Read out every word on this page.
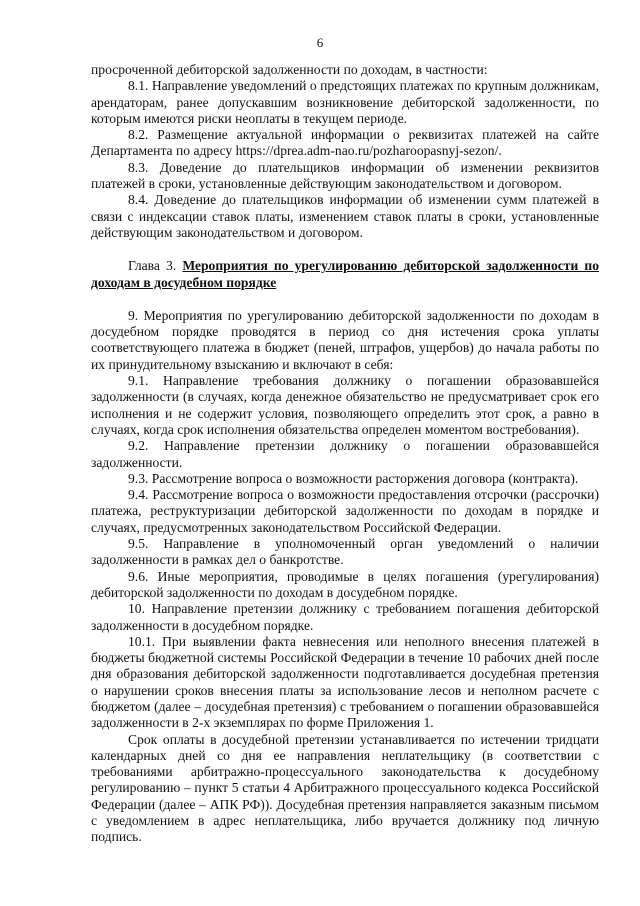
6

просроченной дебиторской задолженности по доходам, в частности:

8.1. Направление уведомлений о предстоящих платежах по крупным должникам, арендаторам, ранее допускавшим возникновение дебиторской задолженности, по которым имеются риски неоплаты в текущем периоде.

8.2. Размещение актуальной информации о реквизитах платежей на сайте Департамента по адресу https://dprea.adm-nao.ru/pozharoopasnyj-sezon/.

8.3. Доведение до плательщиков информации об изменении реквизитов платежей в сроки, установленные действующим законодательством и договором.

8.4. Доведение до плательщиков информации об изменении сумм платежей в связи с индексации ставок платы, изменением ставок платы в сроки, установленные действующим законодательством и договором.

Глава 3. Мероприятия по урегулированию дебиторской задолженности по доходам в досудебном порядке

9. Мероприятия по урегулированию дебиторской задолженности по доходам в досудебном порядке проводятся в период со дня истечения срока уплаты соответствующего платежа в бюджет (пеней, штрафов, ущербов) до начала работы по их принудительному взысканию и включают в себя:

9.1. Направление требования должнику о погашении образовавшейся задолженности (в случаях, когда денежное обязательство не предусматривает срок его исполнения и не содержит условия, позволяющего определить этот срок, а равно в случаях, когда срок исполнения обязательства определен моментом востребования).

9.2. Направление претензии должнику о погашении образовавшейся задолженности.

9.3. Рассмотрение вопроса о возможности расторжения договора (контракта).

9.4. Рассмотрение вопроса о возможности предоставления отсрочки (рассрочки) платежа, реструктуризации дебиторской задолженности по доходам в порядке и случаях, предусмотренных законодательством Российской Федерации.

9.5. Направление в уполномоченный орган уведомлений о наличии задолженности в рамках дел о банкротстве.

9.6. Иные мероприятия, проводимые в целях погашения (урегулирования) дебиторской задолженности по доходам в досудебном порядке.

10. Направление претензии должнику с требованием погашения дебиторской задолженности в досудебном порядке.

10.1. При выявлении факта невнесения или неполного внесения платежей в бюджеты бюджетной системы Российской Федерации в течение 10 рабочих дней после дня образования дебиторской задолженности подготавливается досудебная претензия о нарушении сроков внесения платы за использование лесов и неполном расчете с бюджетом (далее – досудебная претензия) с требованием о погашении образовавшейся задолженности в 2-х экземплярах по форме Приложения 1.

Срок оплаты в досудебной претензии устанавливается по истечении тридцати календарных дней со дня ее направления неплательщику (в соответствии с требованиями арбитражно-процессуального законодательства к досудебному регулированию – пункт 5 статьи 4 Арбитражного процессуального кодекса Российской Федерации (далее – АПК РФ)). Досудебная претензия направляется заказным письмом с уведомлением в адрес неплательщика, либо вручается должнику под личную подпись.
